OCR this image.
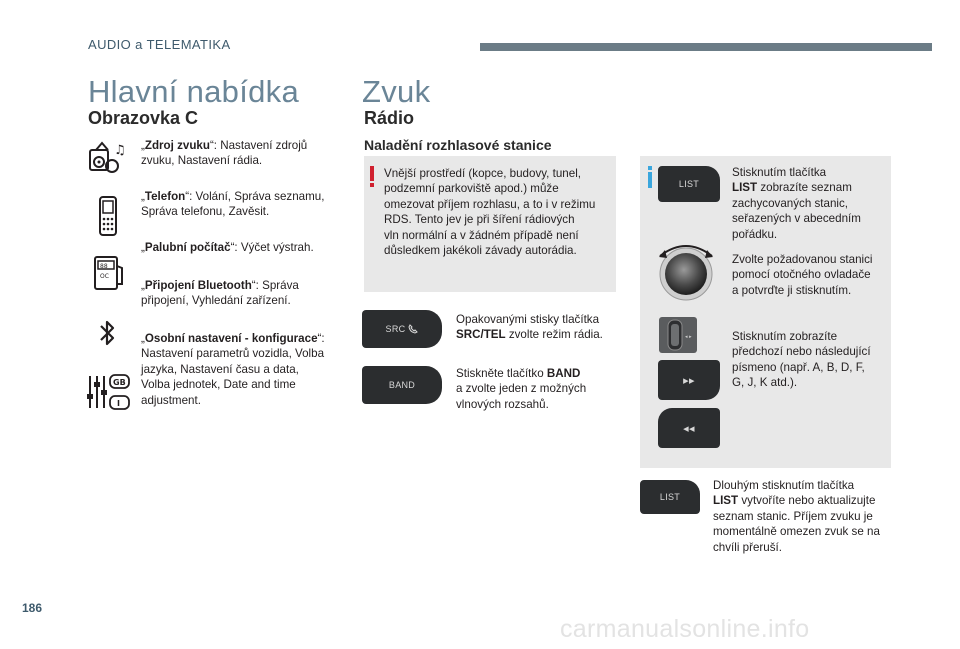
AUDIO a TELEMATIKA
Hlavní nabídka
Obrazovka C
♫ „Zdroj zvuku“: Nastavení zdrojů
zvuku, Nastavení rádia.
„Telefon“: Volání, Správa seznamu,
Správa telefonu, Zavěsit.
88
OC
„Palubní počítač“: Výčet výstrah.
„Připojení Bluetooth“: Správa
připojení, Vyhledání zařízení.
GB
I
„Osobní nastavení - konfigurace“:
Nastavení parametrů vozidla, Volba
jazyka, Nastavení času a data,
Volba jednotek, Date and time
adjustment.
Zvuk
Rádio
Naladění rozhlasové stanice
Vnější prostředí (kopce, budovy, tunel,
podzemní parkoviště apod.) může
omezovat příjem rozhlasu, a to i v režimu
RDS. Tento jev je při šíření rádiových
vln normální a v žádném případě není
důsledkem jakékoli závady autorádia.
SRC
Opakovanými stisky tlačítka
SRC/TEL zvolte režim rádia.
BAND
Stiskněte tlačítko BAND
a zvolte jeden z možných
vlnových rozsahů.
LIST
Stisknutím tlačítka
LIST zobrazíte seznam
zachycovaných stanic,
seřazených v abecedním
pořádku.
Zvolte požadovanou stanici
pomocí otočného ovladače
a potvrďte ji stisknutím.
◂ ▸	Stisknutím zobrazíte
předchozí nebo následující
písmeno (např. A, B, D, F,
G, J, K atd.).
▸▸
◂◂
LIST
Dlouhým stisknutím tlačítka
LIST vytvoříte nebo aktualizujte
seznam stanic. Příjem zvuku je
momentálně omezen zvuk se na
chvíli přeruší.
186
carmanualsonline.info
